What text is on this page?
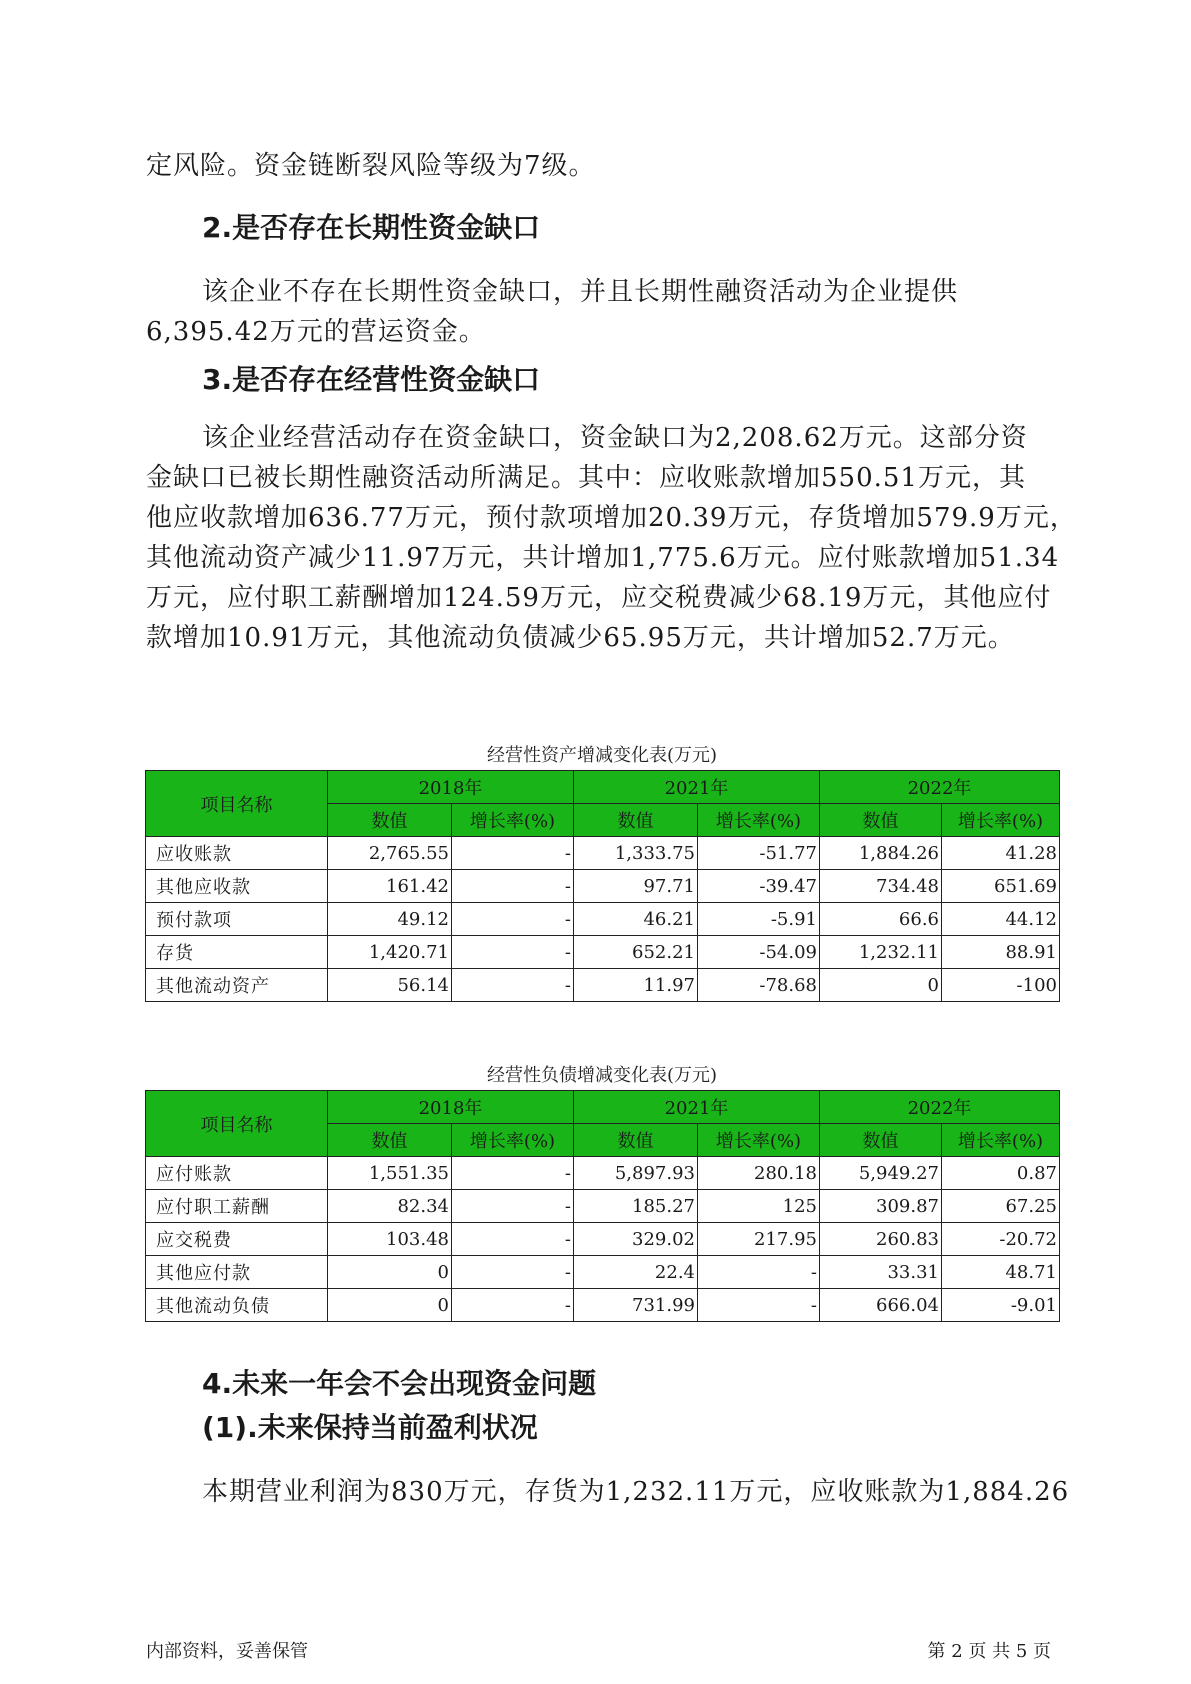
定风险。资金链断裂风险等级为7级。
2.是否存在长期性资金缺口
该企业不存在长期性资金缺口，并且长期性融资活动为企业提供
6,395.42万元的营运资金。
3.是否存在经营性资金缺口
该企业经营活动存在资金缺口，资金缺口为2,208.62万元。这部分资
金缺口已被长期性融资活动所满足。其中：应收账款增加550.51万元，其
他应收款增加636.77万元，预付款项增加20.39万元，存货增加579.9万元，
其他流动资产减少11.97万元，共计增加1,775.6万元。应付账款增加51.34
万元，应付职工薪酬增加124.59万元，应交税费减少68.19万元，其他应付
款增加10.91万元，其他流动负债减少65.95万元，共计增加52.7万元。
经营性资产增减变化表(万元)
项目名称	2018年		2021年		2022年	
	数值	增长率(%)	数值	增长率(%)	数值	增长率(%)
应收账款	2,765.55	-	1,333.75	-51.77	1,884.26	41.28
其他应收款	161.42	-	97.71	-39.47	734.48	651.69
预付款项	49.12	-	46.21	-5.91	66.6	44.12
存货	1,420.71	-	652.21	-54.09	1,232.11	88.91
其他流动资产	56.14	-	11.97	-78.68	0	-100
经营性负债增减变化表(万元)
项目名称	2018年		2021年		2022年	
	数值	增长率(%)	数值	增长率(%)	数值	增长率(%)
应付账款	1,551.35	-	5,897.93	280.18	5,949.27	0.87
应付职工薪酬	82.34	-	185.27	125	309.87	67.25
应交税费	103.48	-	329.02	217.95	260.83	-20.72
其他应付款	0	-	22.4	-	33.31	48.71
其他流动负债	0	-	731.99	-	666.04	-9.01
4.未来一年会不会出现资金问题
(1).未来保持当前盈利状况
本期营业利润为830万元，存货为1,232.11万元，应收账款为1,884.26
内部资料，妥善保管	第 2 页 共 5 页
